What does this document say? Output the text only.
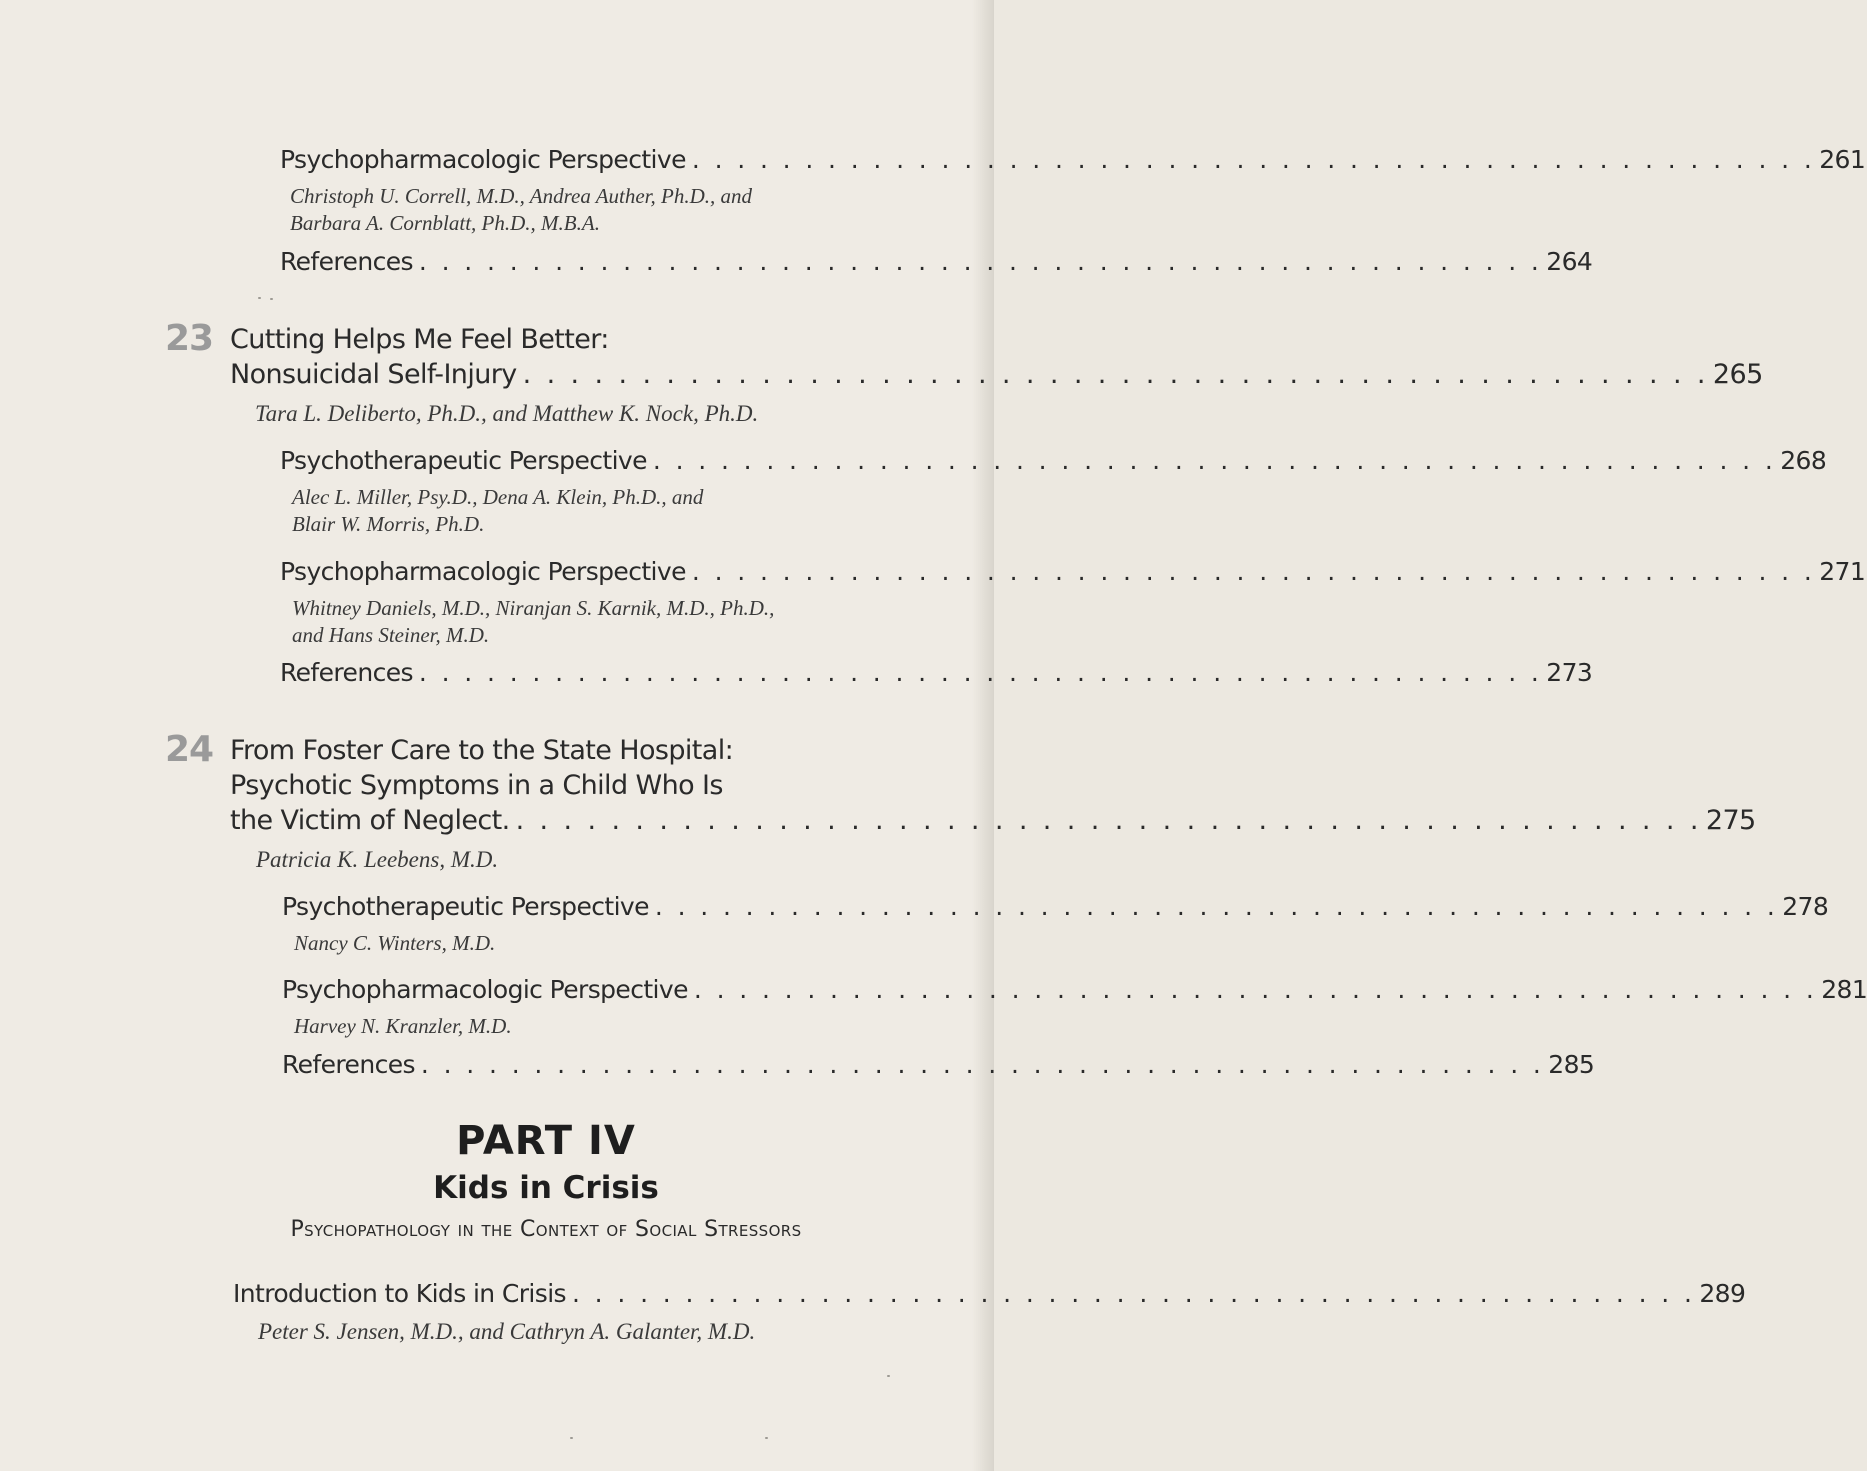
Psychopharmacologic Perspective . . . . . . . . . . . . . . . . . . . . . . . . . . . . . . . . . . . . . . . . . . . . . . . . . . 261
Christoph U. Correll, M.D., Andrea Auther, Ph.D., and
Barbara A. Cornblatt, Ph.D., M.B.A.
References . . . . . . . . . . . . . . . . . . . . . . . . . . . . . . . . . . . . . . . . . . . . . . . . . . 264
23 Cutting Helps Me Feel Better:
Nonsuicidal Self-Injury . . . . . . . . . . . . . . . . . . . . . . . . . . . . . . . . . . . . . . . . . . . . . . . . . . 265
Tara L. Deliberto, Ph.D., and Matthew K. Nock, Ph.D.
Psychotherapeutic Perspective . . . . . . . . . . . . . . . . . . . . . . . . . . . . . . . . . . . . . . . . . . . . . . . . . . 268
Alec L. Miller, Psy.D., Dena A. Klein, Ph.D., and
Blair W. Morris, Ph.D.
Psychopharmacologic Perspective . . . . . . . . . . . . . . . . . . . . . . . . . . . . . . . . . . . . . . . . . . . . . . . . . . 271
Whitney Daniels, M.D., Niranjan S. Karnik, M.D., Ph.D.,
and Hans Steiner, M.D.
References . . . . . . . . . . . . . . . . . . . . . . . . . . . . . . . . . . . . . . . . . . . . . . . . . . 273
24 From Foster Care to the State Hospital:
Psychotic Symptoms in a Child Who Is
the Victim of Neglect. . . . . . . . . . . . . . . . . . . . . . . . . . . . . . . . . . . . . . . . . . . . . . . . . . . 275
Patricia K. Leebens, M.D.
Psychotherapeutic Perspective . . . . . . . . . . . . . . . . . . . . . . . . . . . . . . . . . . . . . . . . . . . . . . . . . . 278
Nancy C. Winters, M.D.
Psychopharmacologic Perspective . . . . . . . . . . . . . . . . . . . . . . . . . . . . . . . . . . . . . . . . . . . . . . . . . . 281
Harvey N. Kranzler, M.D.
References . . . . . . . . . . . . . . . . . . . . . . . . . . . . . . . . . . . . . . . . . . . . . . . . . . 285
PART IV
Kids in Crisis
Psychopathology in the Context of Social Stressors
Introduction to Kids in Crisis . . . . . . . . . . . . . . . . . . . . . . . . . . . . . . . . . . . . . . . . . . . . . . . . . . 289
Peter S. Jensen, M.D., and Cathryn A. Galanter, M.D.
